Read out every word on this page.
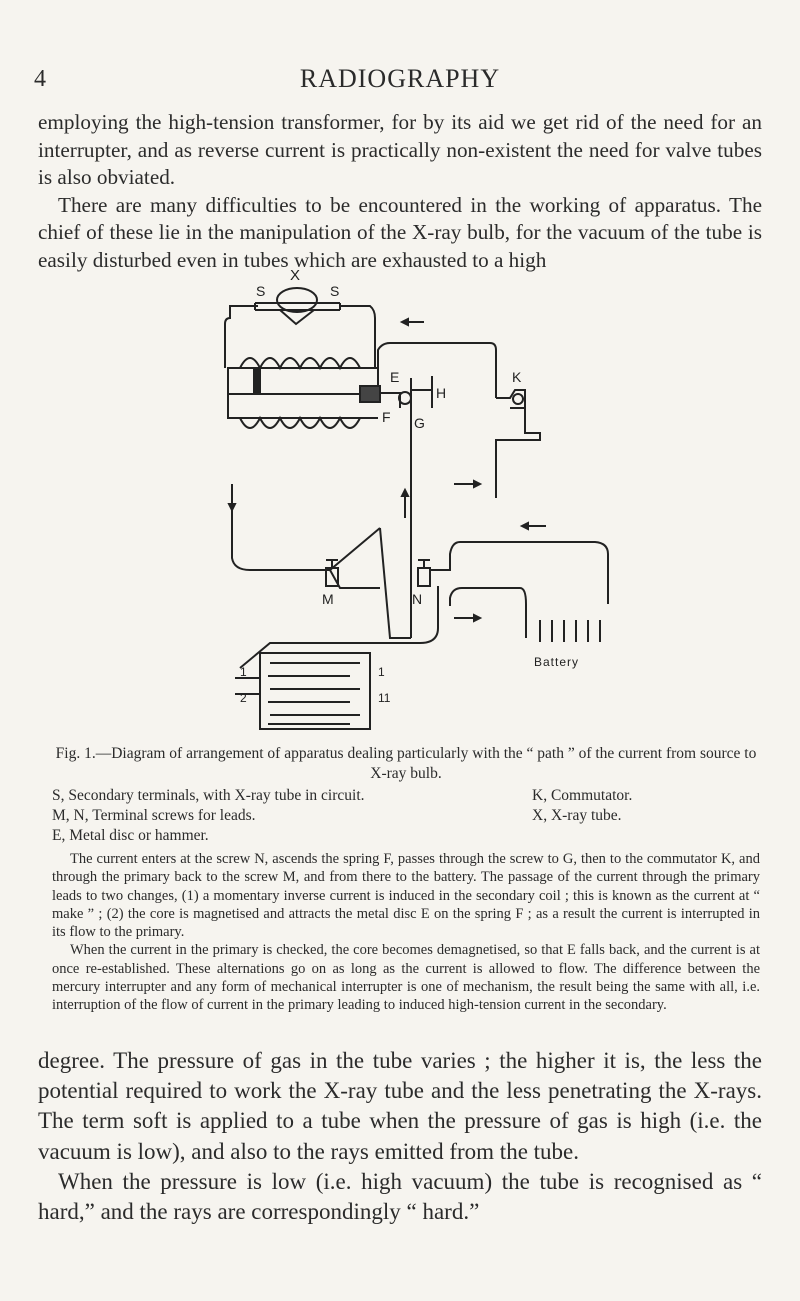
4	RADIOGRAPHY

employing the high-tension transformer, for by its aid we get rid of the need for an interrupter, and as reverse current is practically non-existent the need for valve tubes is also obviated.

There are many difficulties to be encountered in the working of apparatus. The chief of these lie in the manipulation of the X-ray bulb, for the vacuum of the tube is easily disturbed even in tubes which are exhausted to a high

X
S	S
E
F G
H
K
M	N
Battery
1
2
1
11
Fig. 1.—Diagram of arrangement of apparatus dealing particularly with the “ path ” of the current from source to X-ray bulb.
S, Secondary terminals, with X-ray tube in circuit.	K, Commutator.
M, N, Terminal screws for leads.	X, X-ray tube.
E, Metal disc or hammer.

The current enters at the screw N, ascends the spring F, passes through the screw to G, then to the commutator K, and through the primary back to the screw M, and from there to the battery. The passage of the current through the primary leads to two changes, (1) a momentary inverse current is induced in the secondary coil ; this is known as the current at “ make ” ; (2) the core is magnetised and attracts the metal disc E on the spring F ; as a result the current is interrupted in its flow to the primary.

When the current in the primary is checked, the core becomes demagnetised, so that E falls back, and the current is at once re-established. These alternations go on as long as the current is allowed to flow. The difference between the mercury interrupter and any form of mechanical interrupter is one of mechanism, the result being the same with all, i.e. interruption of the flow of current in the primary leading to induced high-tension current in the secondary.

degree. The pressure of gas in the tube varies ; the higher it is, the less the potential required to work the X-ray tube and the less penetrating the X-rays. The term soft is applied to a tube when the pressure of gas is high (i.e. the vacuum is low), and also to the rays emitted from the tube.

When the pressure is low (i.e. high vacuum) the tube is recognised as “ hard,” and the rays are correspondingly “ hard.”
